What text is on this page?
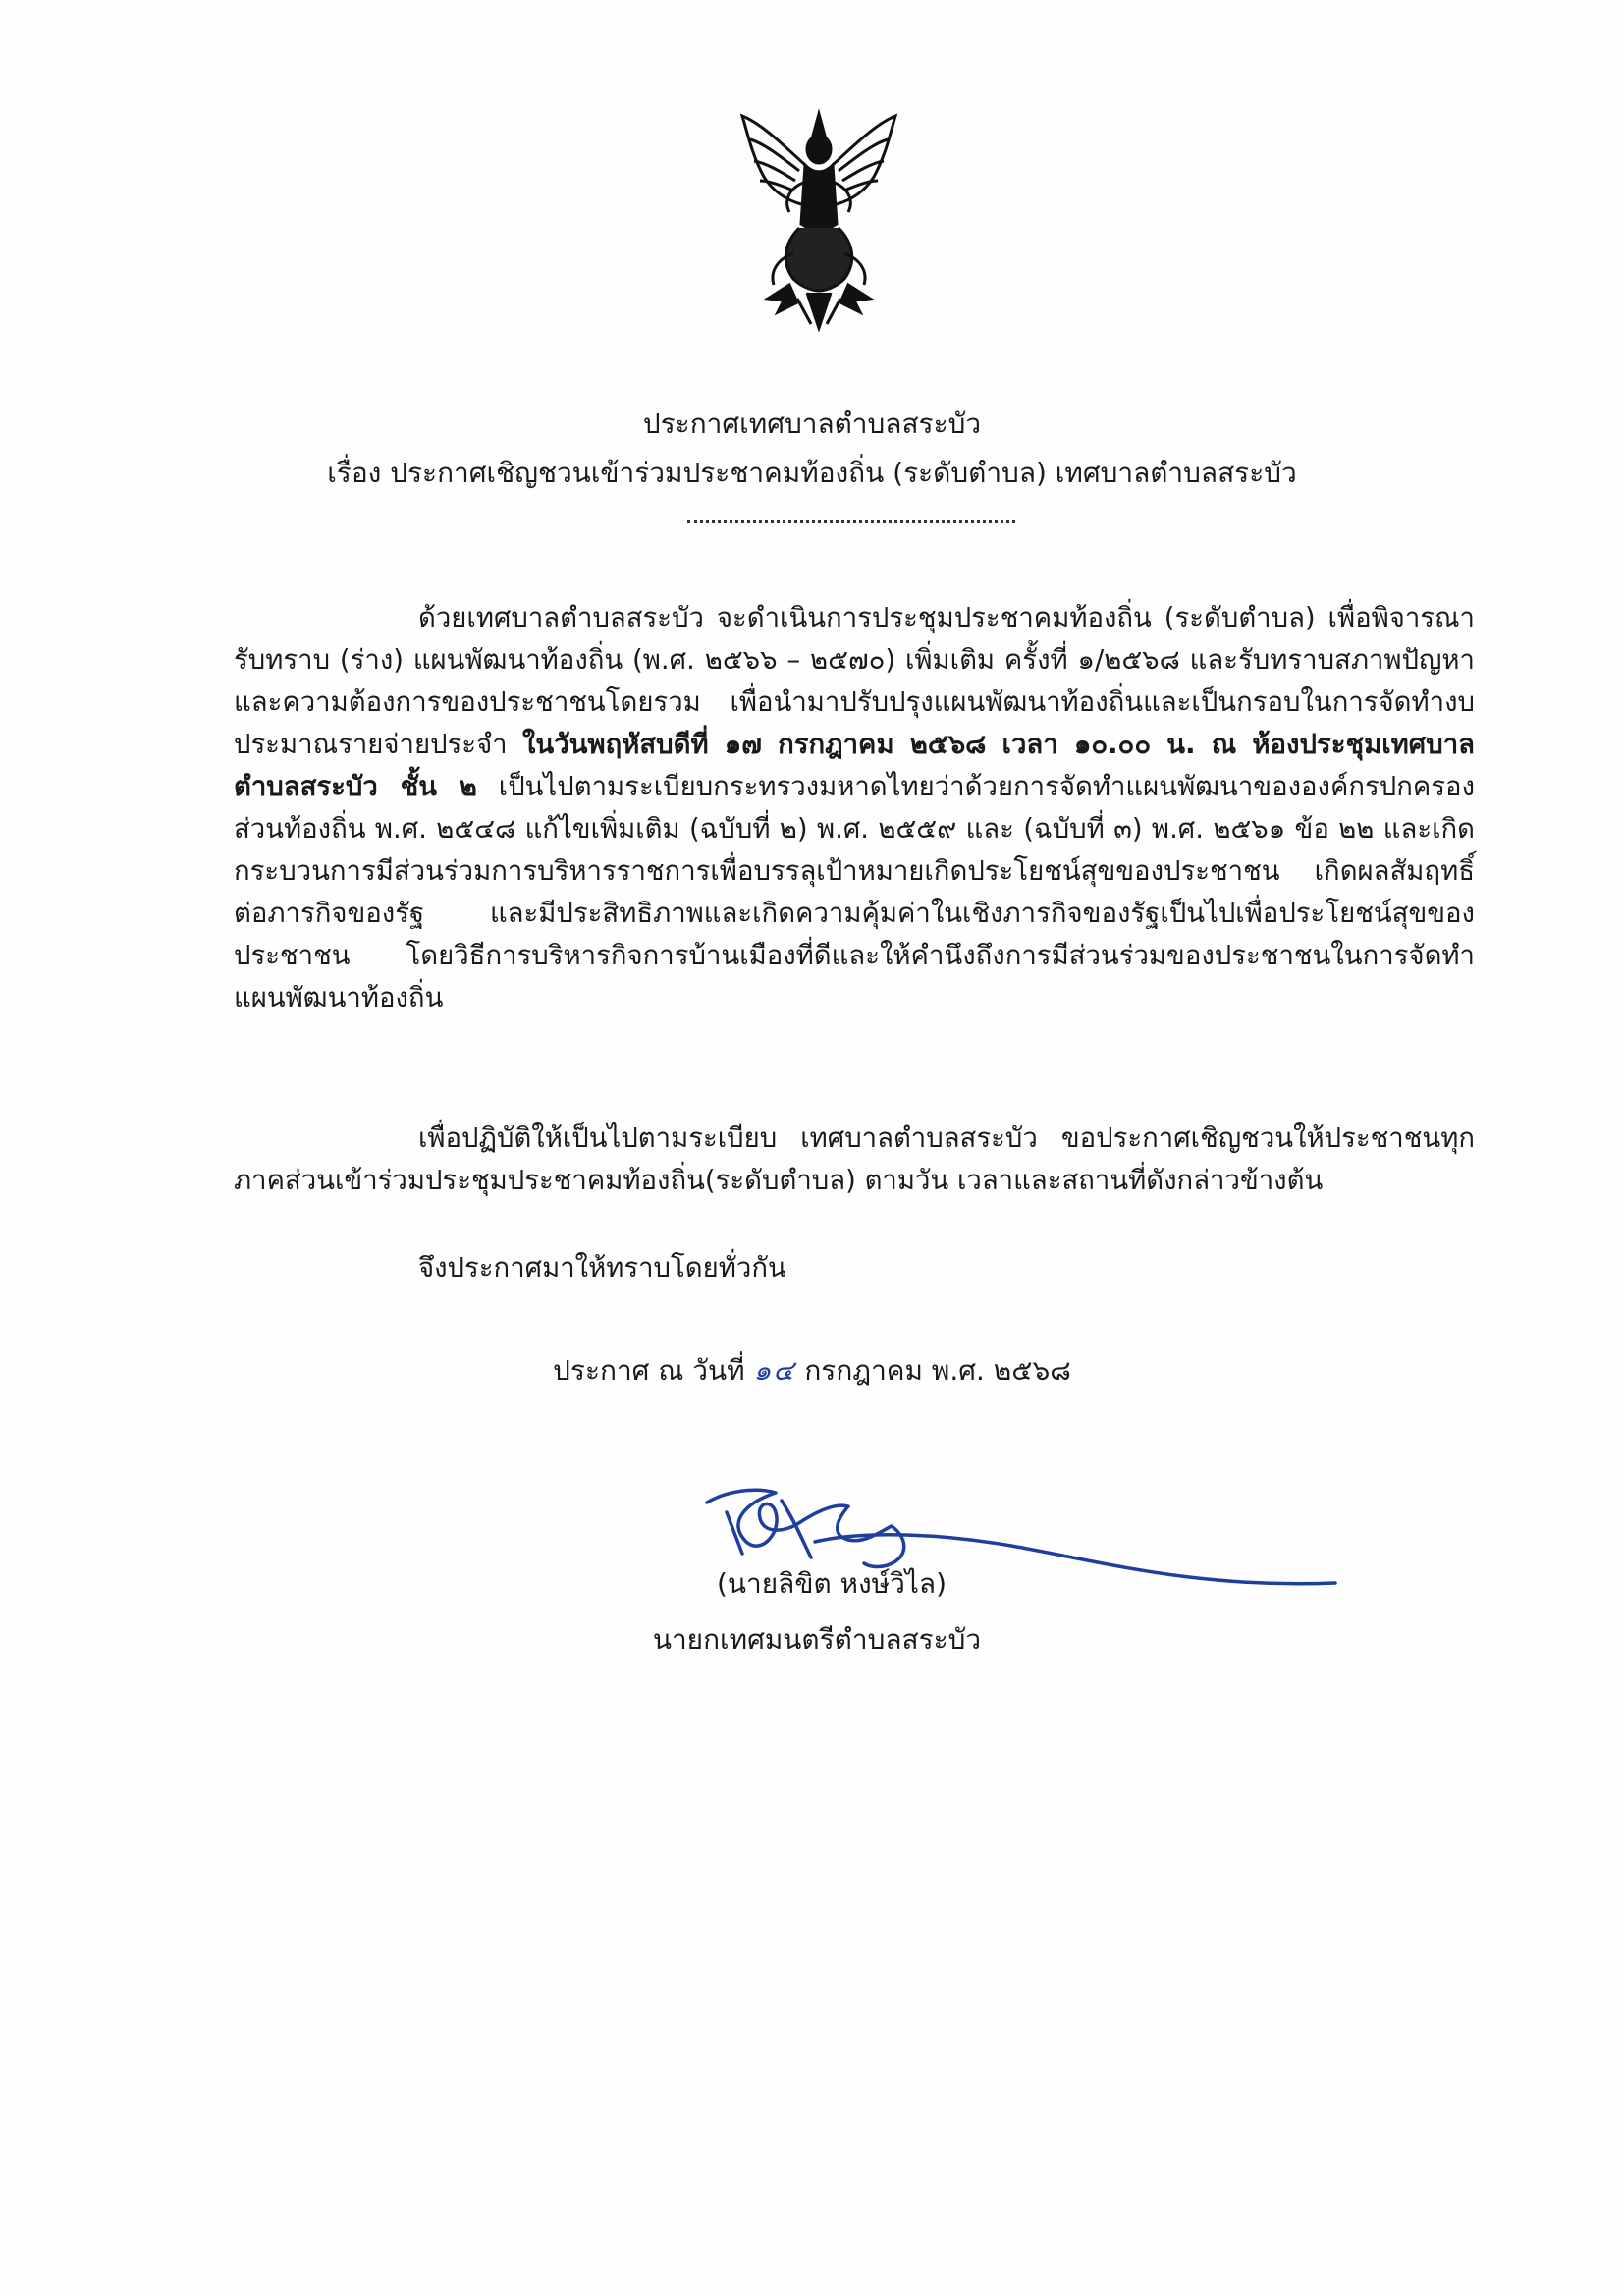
ประกาศเทศบาลตำบลสระบัว
เรื่อง ประกาศเชิญชวนเข้าร่วมประชาคมท้องถิ่น (ระดับตำบล) เทศบาลตำบลสระบัว

ด้วยเทศบาลตำบลสระบัว จะดำเนินการประชุมประชาคมท้องถิ่น (ระดับตำบล) เพื่อพิจารณารับทราบ (ร่าง) แผนพัฒนาท้องถิ่น (พ.ศ. ๒๕๖๖ – ๒๕๗๐) เพิ่มเติม ครั้งที่ ๑/๒๕๖๘ และรับทราบสภาพปัญหาและความต้องการของประชาชนโดยรวม เพื่อนำมาปรับปรุงแผนพัฒนาท้องถิ่นและเป็นกรอบในการจัดทำงบประมาณรายจ่ายประจำ ในวันพฤหัสบดีที่ ๑๗ กรกฎาคม ๒๕๖๘ เวลา ๑๐.๐๐ น. ณ ห้องประชุมเทศบาลตำบลสระบัว ชั้น ๒ เป็นไปตามระเบียบกระทรวงมหาดไทยว่าด้วยการจัดทำแผนพัฒนาขององค์กรปกครองส่วนท้องถิ่น พ.ศ. ๒๕๔๘ แก้ไขเพิ่มเติม (ฉบับที่ ๒) พ.ศ. ๒๕๕๙ และ (ฉบับที่ ๓) พ.ศ. ๒๕๖๑ ข้อ ๒๒ และเกิดกระบวนการมีส่วนร่วมการบริหารราชการเพื่อบรรลุเป้าหมายเกิดประโยชน์สุขของประชาชน เกิดผลสัมฤทธิ์ต่อภารกิจของรัฐ และมีประสิทธิภาพและเกิดความคุ้มค่าในเชิงภารกิจของรัฐเป็นไปเพื่อประโยชน์สุขของประชาชน โดยวิธีการบริหารกิจการบ้านเมืองที่ดีและให้คำนึงถึงการมีส่วนร่วมของประชาชนในการจัดทำแผนพัฒนาท้องถิ่น

เพื่อปฏิบัติให้เป็นไปตามระเบียบ เทศบาลตำบลสระบัว ขอประกาศเชิญชวนให้ประชาชนทุกภาคส่วนเข้าร่วมประชุมประชาคมท้องถิ่น(ระดับตำบล) ตามวัน เวลาและสถานที่ดังกล่าวข้างต้น

จึงประกาศมาให้ทราบโดยทั่วกัน

ประกาศ ณ วันที่ ๑๔ กรกฎาคม พ.ศ. ๒๕๖๘
(นายลิขิต หงษ์วิไล)
นายกเทศมนตรีตำบลสระบัว
